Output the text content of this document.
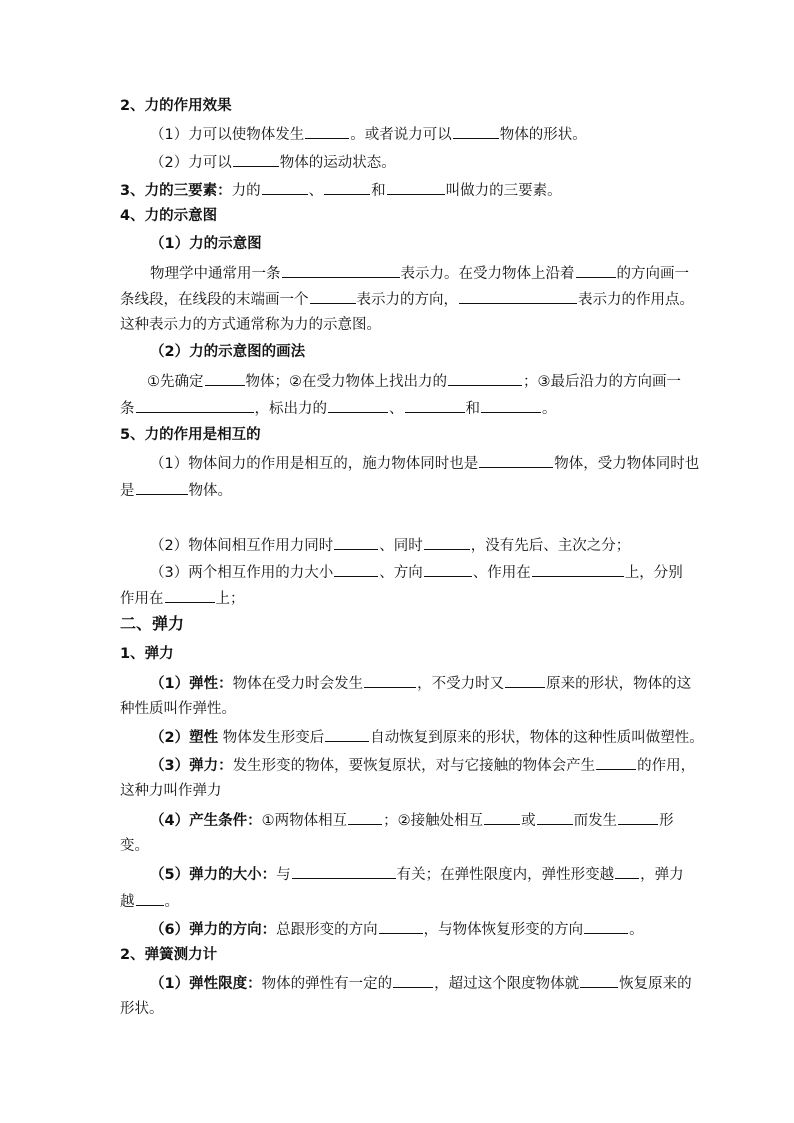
2、力的作用效果
（1）力可以使物体发生	。或者说力可以	物体的形状。
（2）力可以	物体的运动状态。
3、力的三要素：力的	、	和	叫做力的三要素。
4、力的示意图
（1）力的示意图
物理学中通常用一条	表示力。在受力物体上沿着	的方向画一
条线段，在线段的末端画一个	表示力的方向，	表示力的作用点。
这种表示力的方式通常称为力的示意图。
（2）力的示意图的画法
①先确定	物体；②在受力物体上找出力的	；③最后沿力的方向画一
条	，标出力的	、	和	。
5、力的作用是相互的
（1）物体间力的作用是相互的，施力物体同时也是	物体，受力物体同时也
是	物体。
（2）物体间相互作用力同时	、同时	，没有先后、主次之分；
（3）两个相互作用的力大小	、方向	、作用在	上，分别
作用在	上；
二、弹力
1、弹力
（1）弹性：物体在受力时会发生	，不受力时又	原来的形状，物体的这
种性质叫作弹性。
（2）塑性 物体发生形变后	自动恢复到原来的形状，物体的这种性质叫做塑性。
（3）弹力：发生形变的物体，要恢复原状，对与它接触的物体会产生	的作用，
这种力叫作弹力
（4）产生条件：①两物体相互 ；②接触处相互	或	而发生	形
变。
（5）弹力的大小：与	有关；在弹性限度内，弹性形变越 ，弹力
越 。
（6）弹力的方向：总跟形变的方向	，与物体恢复形变的方向	。
2、弹簧测力计
（1）弹性限度：物体的弹性有一定的	，超过这个限度物体就	恢复原来的
形状。
